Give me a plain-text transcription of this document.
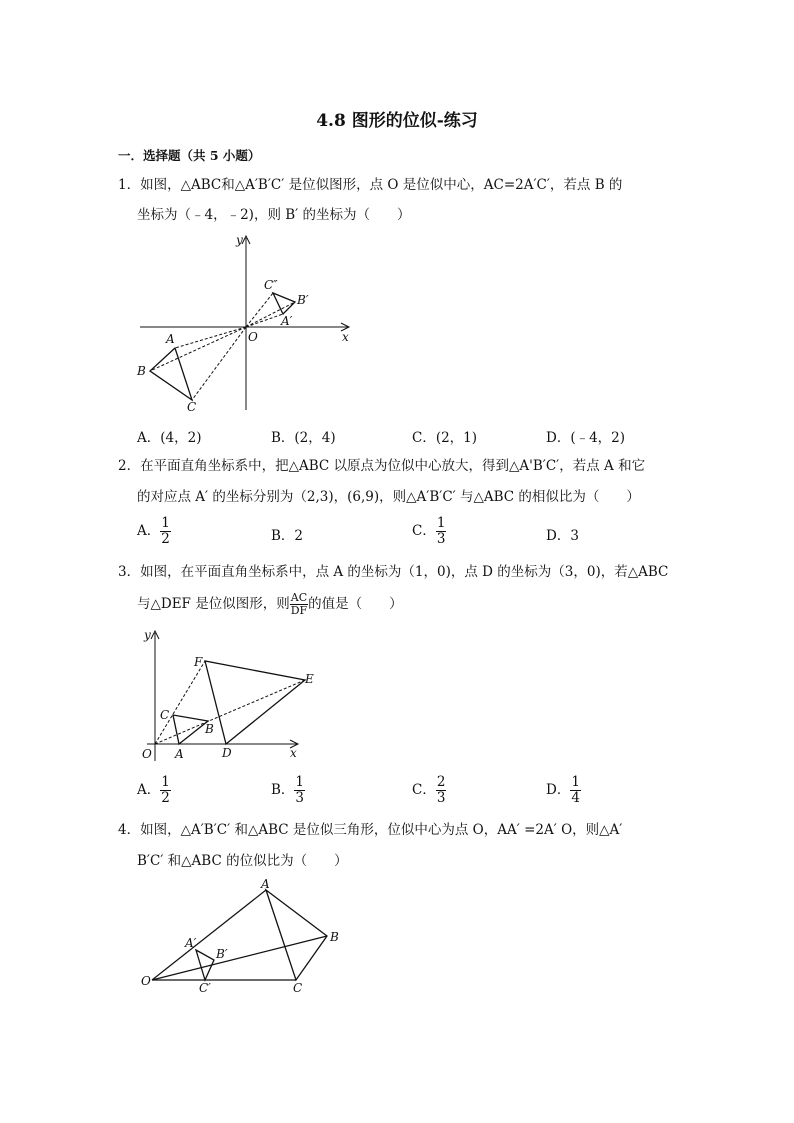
4.8 图形的位似-练习
一．选择题（共 5 小题）
1．如图，△ABC和△A′B′C′ 是位似图形，点 O 是位似中心，AC=2A′C′，若点 B 的
坐标为（﹣4，﹣2)，则 B′ 的坐标为（　　）
y
x
O
A
B
C
C″
B′
A′
A．(4，2)	B．(2，4)	C．(2，1)	D．(﹣4，2)
2．在平面直角坐标系中，把△ABC 以原点为位似中心放大，得到△A'B′C′，若点 A 和它
的对应点 A′ 的坐标分别为（2,3)，(6,9)，则△A′B′C′ 与△ABC 的相似比为（　　）
A． $\frac{1}{2}$	B．2	C． $\frac{1}{3}$	D．3
3．如图，在平面直角坐标系中，点 A 的坐标为（1，0)，点 D 的坐标为（3，0)，若△ABC
与△DEF 是位似图形，则 $\frac{AC}{DF}$ 的值是（　　）
y
x
O A
B
C
D
E
F
A． $\frac{1}{2}$	B． $\frac{1}{3}$	C． $\frac{2}{3}$	D． $\frac{1}{4}$
4．如图，△A′B′C′ 和△ABC 是位似三角形，位似中心为点 O，AA′ =2A′ O，则△A′
B′C′ 和△ABC 的位似比为（　　）
O
A
B
C
A′
B′
C′
